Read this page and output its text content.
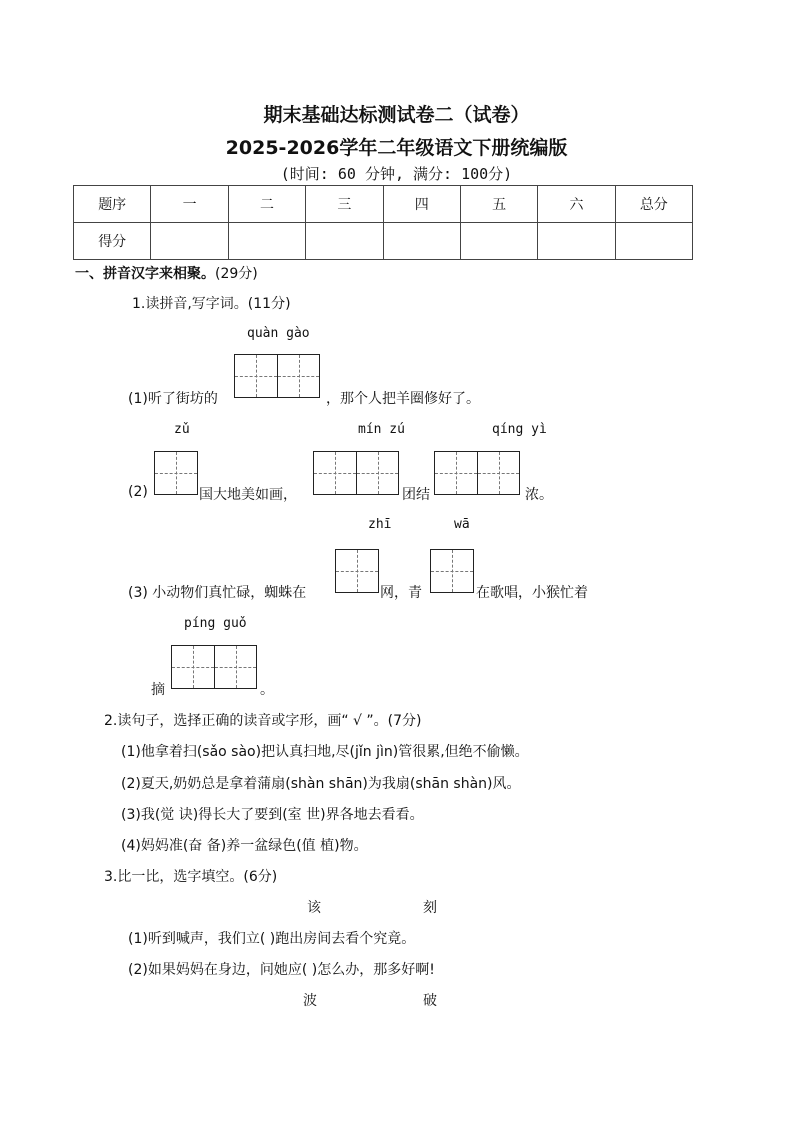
期末基础达标测试卷二（试卷）
2025-2026学年二年级语文下册统编版
(时间: 60 分钟, 满分: 100分)
题序	一	二	三	四	五	六	总分
得分							
一、拼音汉字来相聚。(29分)
1.读拼音,写字词。(11分)
quàn gào
(1)听了街坊的	，那个人把羊圈修好了。
zǔ	mín zú	qíng yì
(2)	国大地美如画，	团结	浓。
zhī	wā
(3) 小动物们真忙碌，蜘蛛在	网，青	在歌唱，小猴忙着
píng guǒ
摘	。
2.读句子，选择正确的读音或字形，画“ √ ”。(7分)
(1)他拿着扫(sǎo sào)把认真扫地,尽(jǐn jìn)管很累,但绝不偷懒。
(2)夏天,奶奶总是拿着蒲扇(shàn shān)为我扇(shān shàn)风。
(3)我(觉 诀)得长大了要到(室 世)界各地去看看。
(4)妈妈准(奋 备)养一盆绿色(值 植)物。
3.比一比，选字填空。(6分)
该	刻
(1)听到喊声，我们立( )跑出房间去看个究竟。
(2)如果妈妈在身边，问她应( )怎么办，那多好啊!
波	破
